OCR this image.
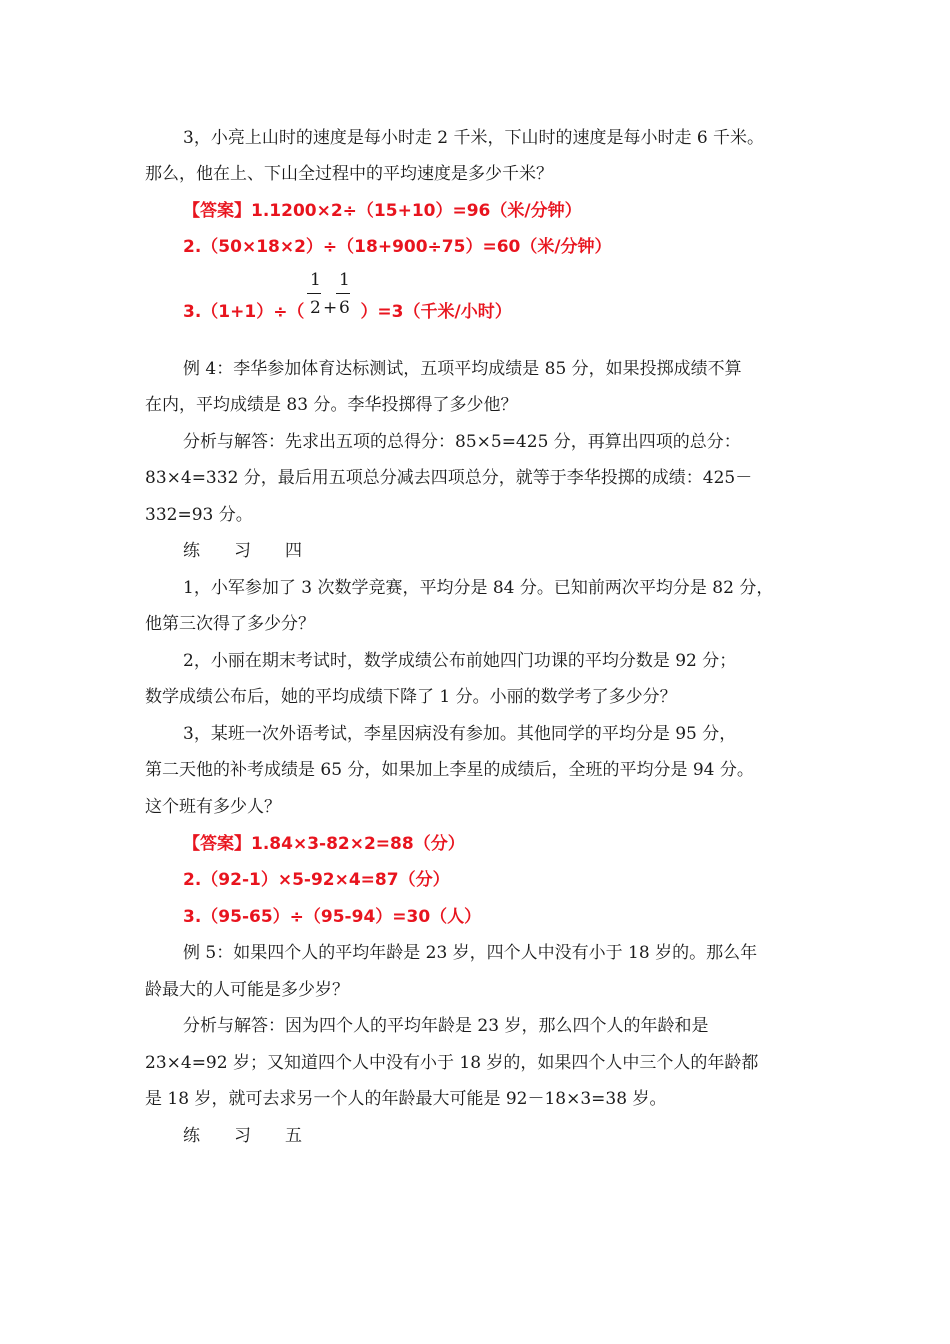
3，小亮上山时的速度是每小时走 2 千米，下山时的速度是每小时走 6 千米。
那么，他在上、下山全过程中的平均速度是多少千米？
【答案】1.1200×2÷（15+10）=96（米/分钟）
2.（50×18×2）÷（18+900÷75）=60（米/分钟）
1
2 +
1
6
3.（1+1）÷（	）=3（千米/小时）
例 4：李华参加体育达标测试，五项平均成绩是 85 分，如果投掷成绩不算
在内，平均成绩是 83 分。李华投掷得了多少他？
分析与解答：先求出五项的总得分：85×5=425 分，再算出四项的总分：
83×4=332 分，最后用五项总分减去四项总分，就等于李华投掷的成绩：425－
332=93 分。
练 习 四
1，小军参加了 3 次数学竞赛，平均分是 84 分。已知前两次平均分是 82 分，
他第三次得了多少分？
2，小丽在期末考试时，数学成绩公布前她四门功课的平均分数是 92 分；
数学成绩公布后，她的平均成绩下降了 1 分。小丽的数学考了多少分？
3，某班一次外语考试，李星因病没有参加。其他同学的平均分是 95 分，
第二天他的补考成绩是 65 分，如果加上李星的成绩后，全班的平均分是 94 分。
这个班有多少人？
【答案】1.84×3-82×2=88（分）
2.（92-1）×5-92×4=87（分）
3.（95-65）÷（95-94）=30（人）
例 5：如果四个人的平均年龄是 23 岁，四个人中没有小于 18 岁的。那么年
龄最大的人可能是多少岁？
分析与解答：因为四个人的平均年龄是 23 岁，那么四个人的年龄和是
23×4=92 岁；又知道四个人中没有小于 18 岁的，如果四个人中三个人的年龄都
是 18 岁，就可去求另一个人的年龄最大可能是 92－18×3=38 岁。
练 习 五
